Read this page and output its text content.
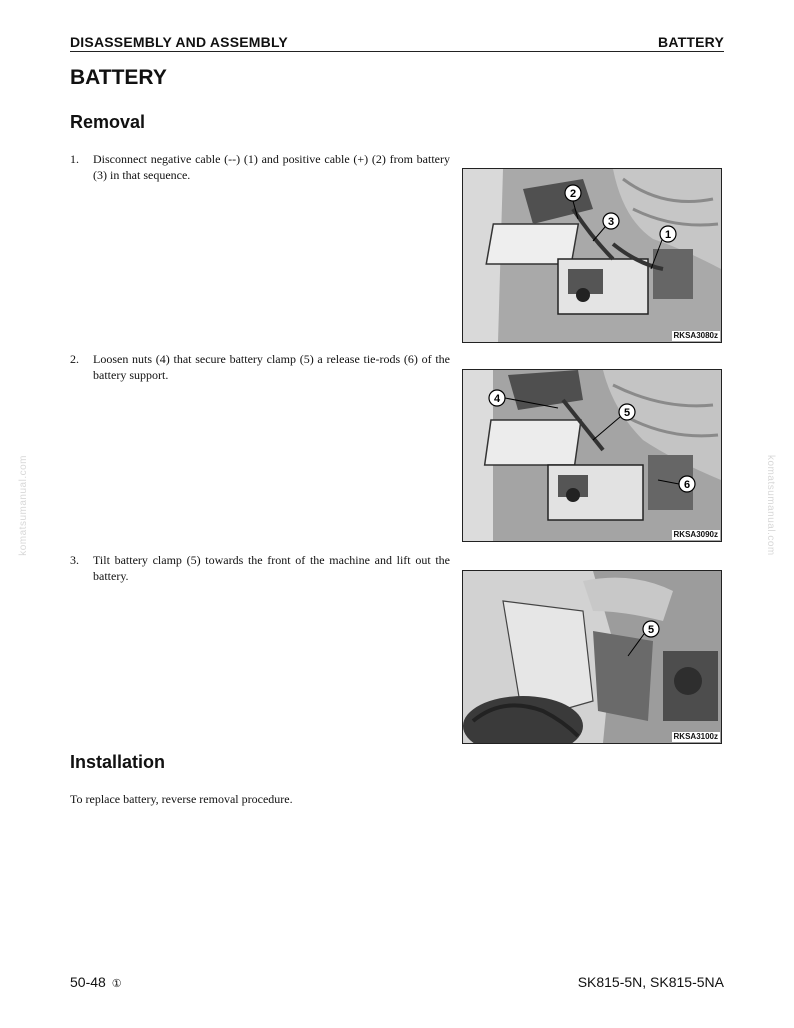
DISASSEMBLY AND ASSEMBLY	BATTERY
BATTERY
Removal
1. Disconnect negative cable (--) (1) and positive cable (+) (2) from battery (3) in that sequence.
2. Loosen nuts (4) that secure battery clamp (5) a release tie-rods (6) of the battery support.
3. Tilt battery clamp (5) towards the front of the machine and lift out the battery.
2
3
1
RKSA3080z
4
5
6
RKSA3090z
5
RKSA3100z
Installation
To replace battery, reverse removal procedure.
50-48 ①	SK815-5N, SK815-5NA
komatsumanual.com	komatsumanual.com
